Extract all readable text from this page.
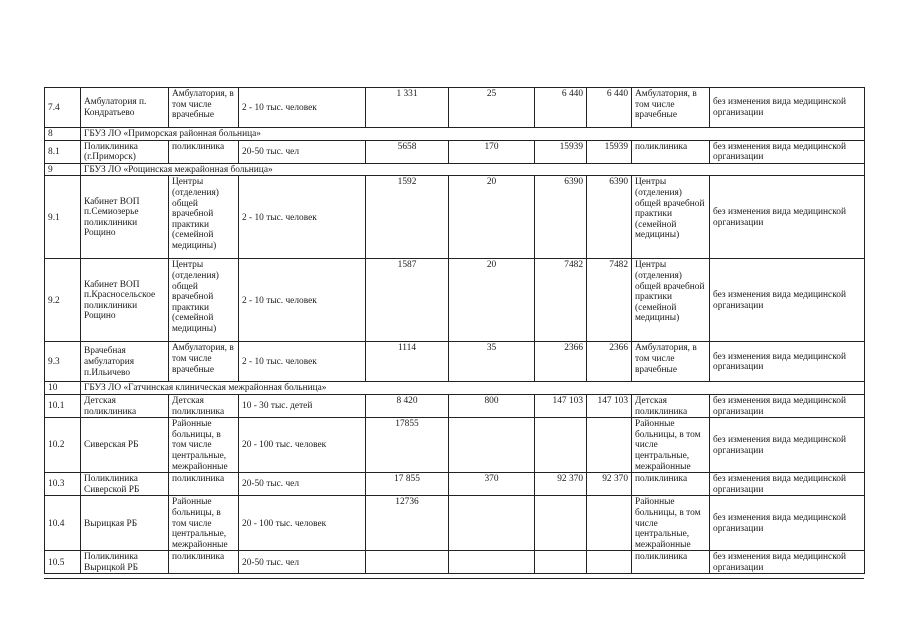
7.4	Амбулатория п. Кондратьево	Амбулатория, в том числе врачебные	2 - 10 тыс. человек	1 331	25	6 440	6 440	Амбулатория, в том числе врачебные	без изменения вида медицинской организации
8	ГБУЗ ЛО «Приморская районная больница»								
8.1	Поликлиника (г.Приморск)	поликлиника	20-50 тыс. чел	5658	170	15939	15939	поликлиника	без изменения вида медицинской организации
9	ГБУЗ ЛО «Рощинская межрайонная больница»								
9.1	Кабинет ВОП п.Семиозерье поликлиники Рощино	Центры (отделения) общей врачебной практики (семейной медицины)	2 - 10 тыс. человек	1592	20	6390	6390	Центры (отделения) общей врачебной практики (семейной медицины)	без изменения вида медицинской организации
9.2	Кабинет ВОП п.Красносельское поликлиники Рощино	Центры (отделения) общей врачебной практики (семейной медицины)	2 - 10 тыс. человек	1587	20	7482	7482	Центры (отделения) общей врачебной практики (семейной медицины)	без изменения вида медицинской организации
9.3	Врачебная амбулатория п.Ильичево	Амбулатория, в том числе врачебные	2 - 10 тыс. человек	1114	35	2366	2366	Амбулатория, в том числе врачебные	без изменения вида медицинской организации
10	ГБУЗ ЛО «Гатчинская клиническая межрайонная больница»								
10.1	Детская поликлиника	Детская поликлиника	10 - 30 тыс. детей	8 420	800	147 103	147 103	Детская поликлиника	без изменения вида медицинской организации
10.2	Сиверская РБ	Районные больницы, в том числе центральные, межрайонные	20 - 100 тыс. человек	17855				Районные больницы, в том числе центральные, межрайонные	без изменения вида медицинской организации
10.3	Поликлиника Сиверской РБ	поликлиника	20-50 тыс. чел	17 855	370	92 370	92 370	поликлиника	без изменения вида медицинской организации
10.4	Вырицкая РБ	Районные больницы, в том числе центральные, межрайонные	20 - 100 тыс. человек	12736				Районные больницы, в том числе центральные, межрайонные	без изменения вида медицинской организации
10.5	Поликлиника Вырицкой РБ	поликлиника	20-50 тыс. чел					поликлиника	без изменения вида медицинской организации
